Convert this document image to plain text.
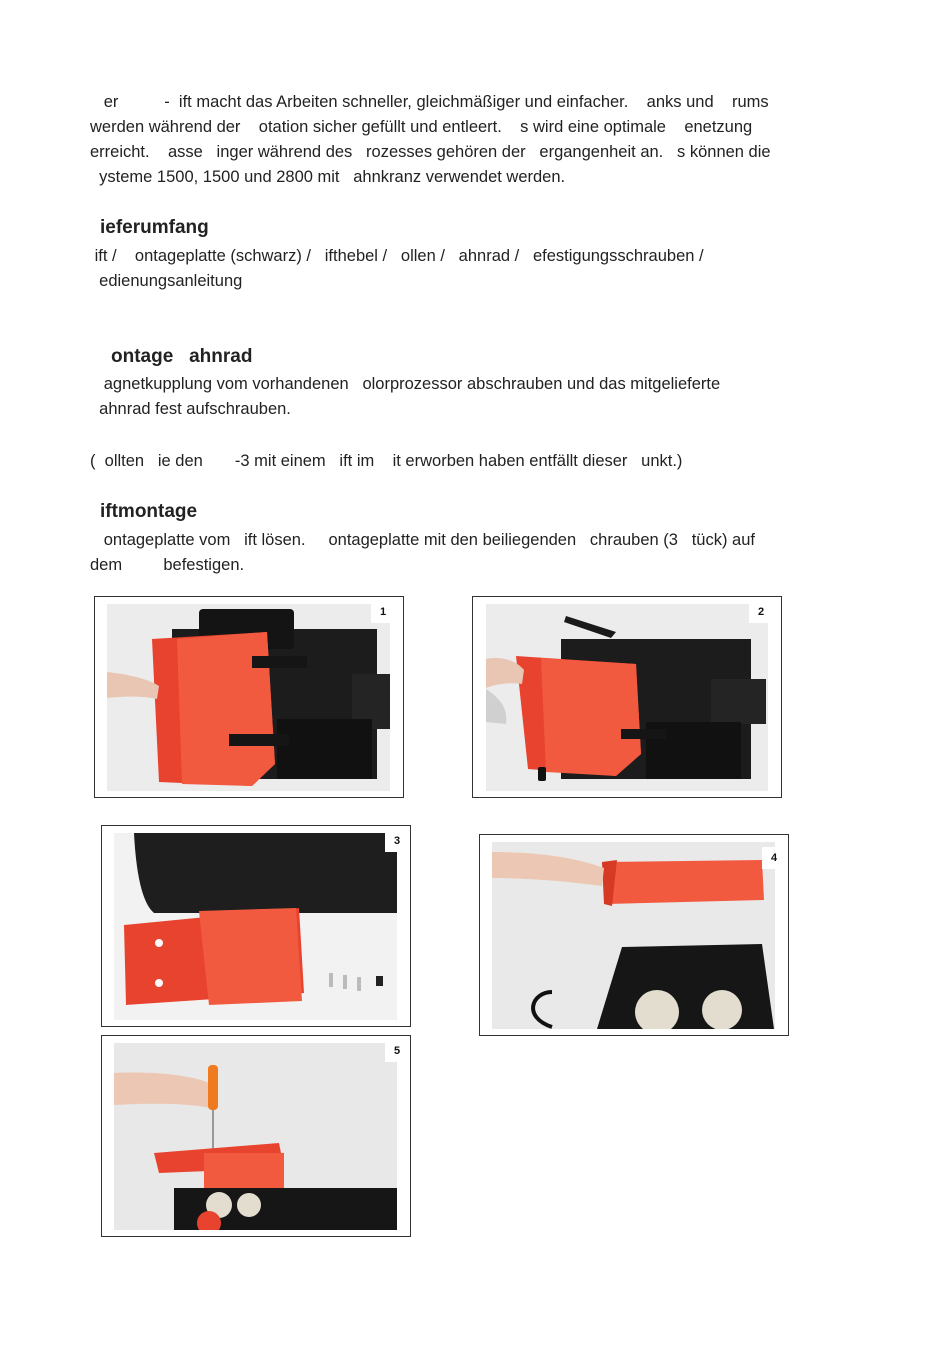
er          -  ift macht das Arbeiten schneller, gleichmäßiger und einfacher.    anks und    rums
werden während der    otation sicher gefüllt und entleert.    s wird eine optimale    enetzung
erreicht.    asse   inger während des   rozesses gehören der   ergangenheit an.   s können die
ysteme 1500, 1500 und 2800 mit   ahnkranz verwendet werden.
ieferumfang
ift /    ontageplatte (schwarz) /   ifthebel /   ollen /   ahnrad /   efestigungsschrauben /
edienungsanleitung
ontage   ahnrad
agnetkupplung vom vorhandenen   olorprozessor abschrauben und das mitgelieferte
ahnrad fest aufschrauben.
(  ollten   ie den       -3 mit einem   ift im    it erworben haben entfällt dieser   unkt.)
iftmontage
ontageplatte vom   ift lösen.     ontageplatte mit den beiliegenden   chrauben (3   tück) auf
dem         befestigen.
1	2
3
4
5
